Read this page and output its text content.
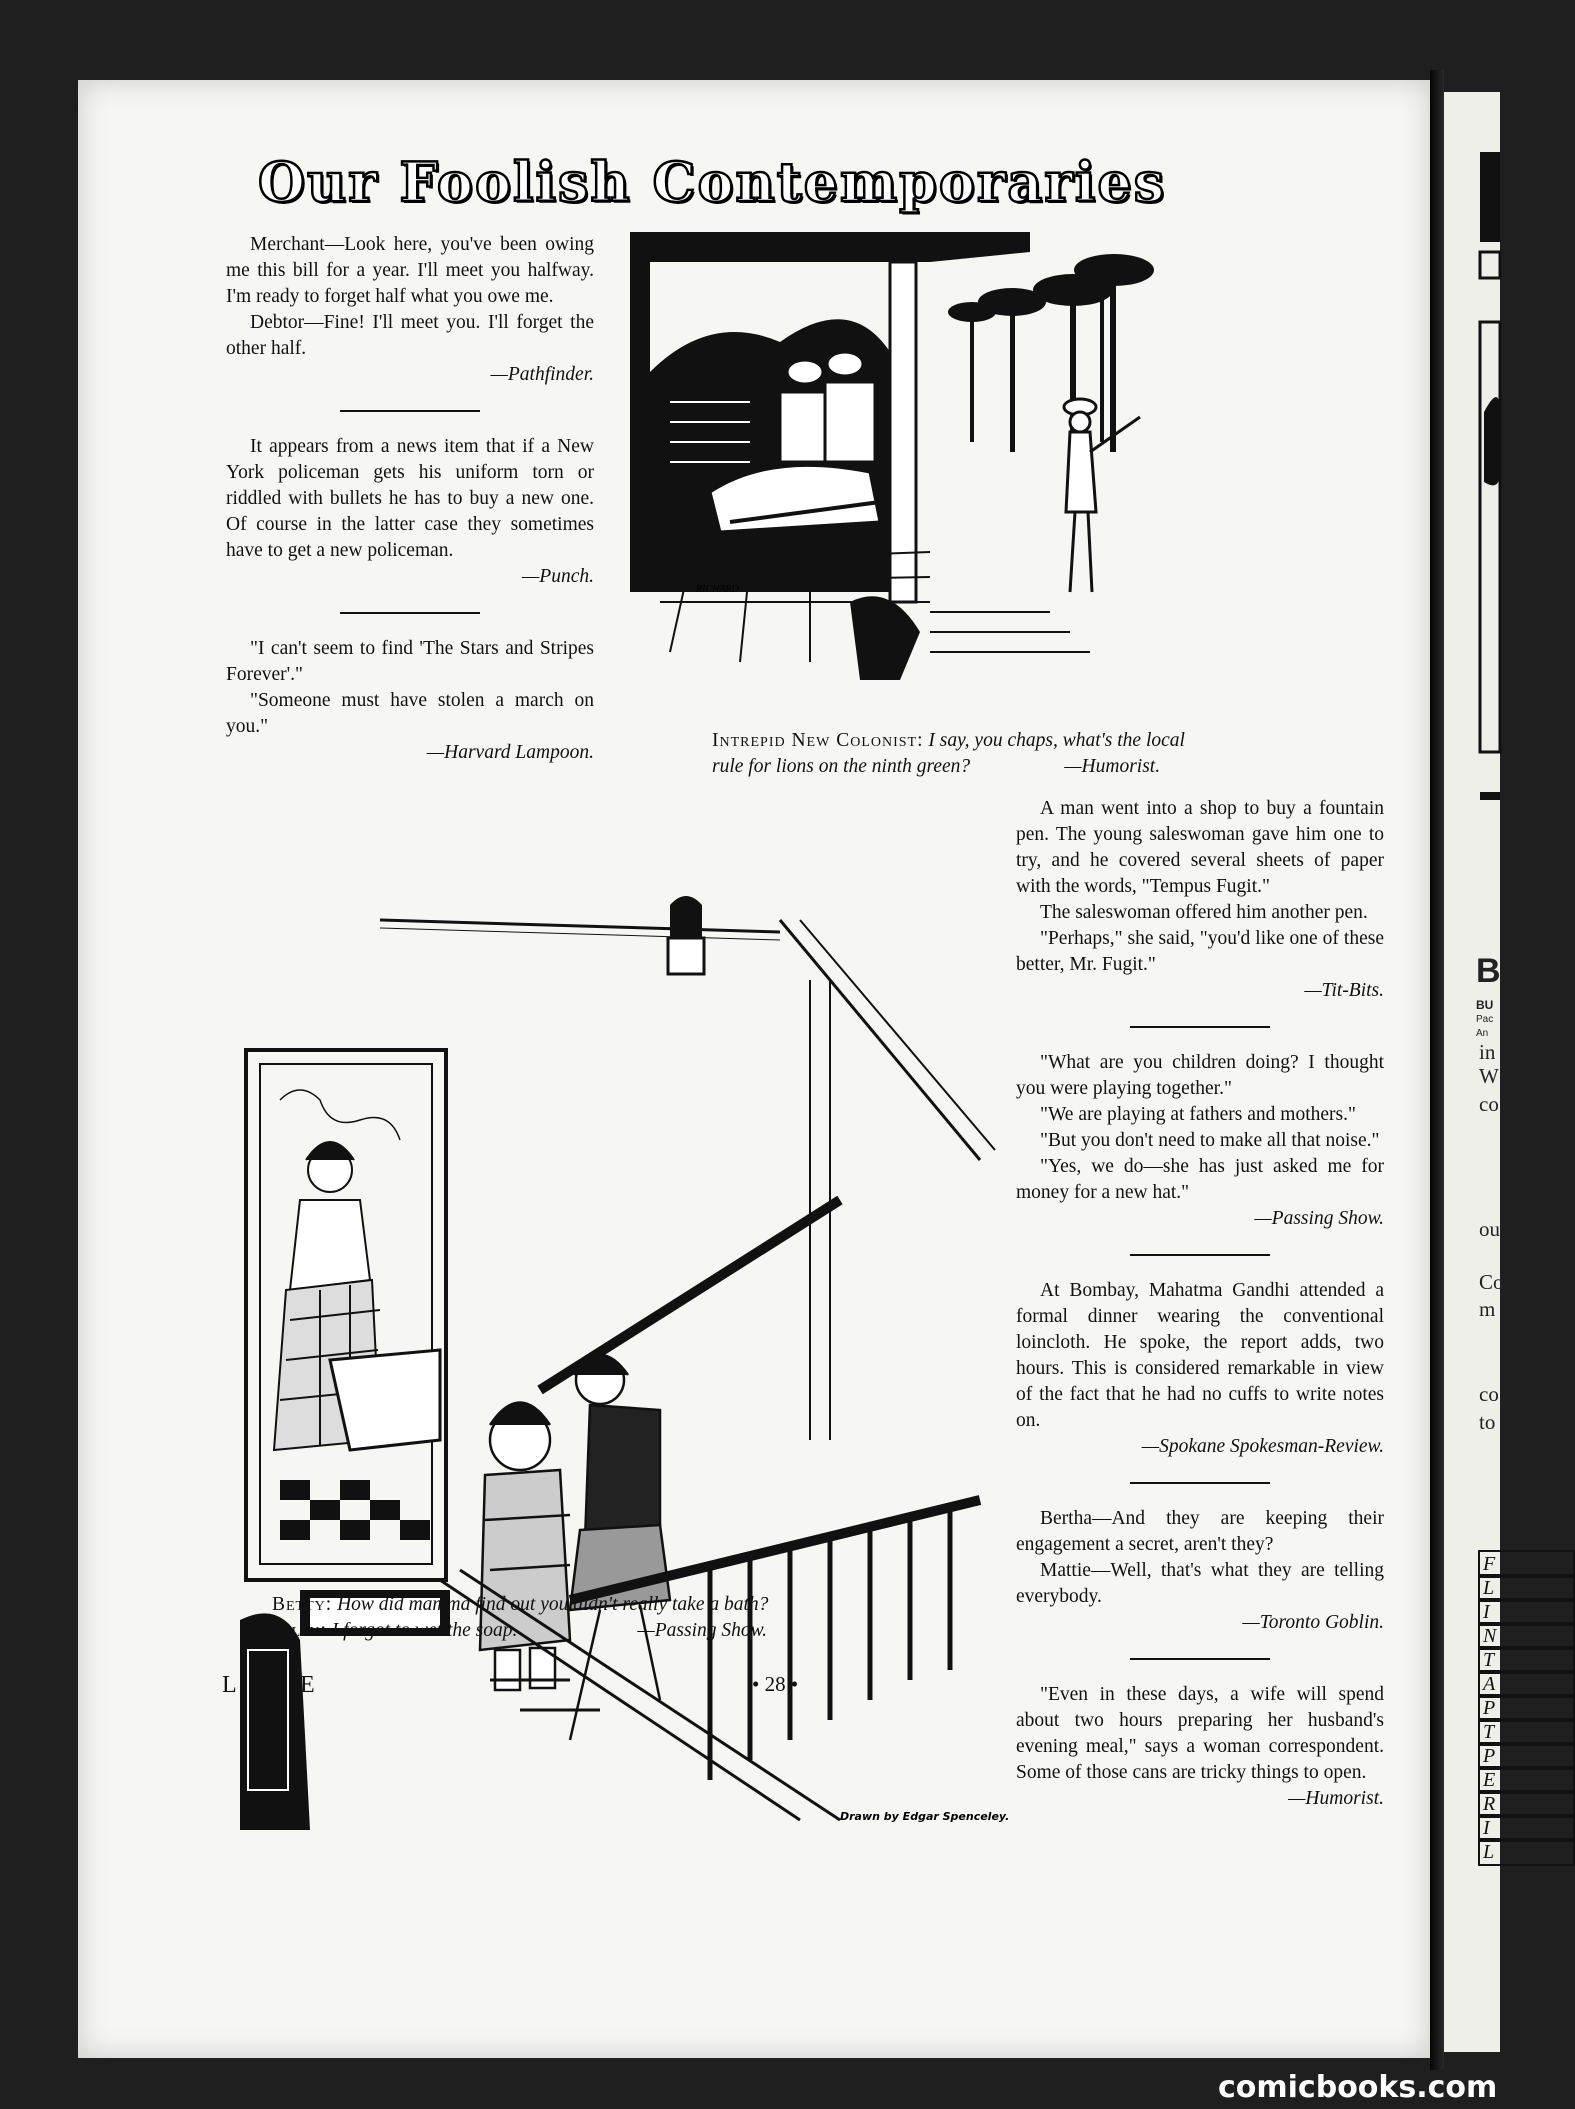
B
BU
Pac
An
in
W
co
ou
Co
m
co
to
F
L
I
N
T
A
P
T
P
E
R
I
L
Our Foolish Contemporaries

Merchant—Look here, you've been owing me this bill for a year. I'll meet you halfway. I'm ready to forget half what you owe me.

Debtor—Fine! I'll meet you. I'll forget the other half.

—Pathfinder.

It appears from a news item that if a New York policeman gets his uniform torn or riddled with bullets he has to buy a new one. Of course in the latter case they sometimes have to get a new policeman.

—Punch.

"I can't seem to find 'The Stars and Stripes Forever'."

"Someone must have stolen a march on you."

—Harvard Lampoon.

RICHARD
Intrepid New Colonist: I say, you chaps, what's the local
rule for lions on the ninth green?	—Humorist.

A man went into a shop to buy a fountain pen. The young saleswoman gave him one to try, and he covered several sheets of paper with the words, "Tempus Fugit."

The saleswoman offered him another pen.

"Perhaps," she said, "you'd like one of these better, Mr. Fugit."

—Tit-Bits.

"What are you children doing? I thought you were playing together."

"We are playing at fathers and mothers."

"But you don't need to make all that noise."

"Yes, we do—she has just asked me for money for a new hat."

—Passing Show.

At Bombay, Mahatma Gandhi attended a formal dinner wearing the conventional loincloth. He spoke, the report adds, two hours. This is considered remarkable in view of the fact that he had no cuffs to write notes on.

—Spokane Spokesman-Review.

Bertha—And they are keeping their engagement a secret, aren't they?

Mattie—Well, that's what they are telling everybody.

—Toronto Goblin.

"Even in these days, a wife will spend about two hours preparing her husband's evening meal," says a woman correspondent. Some of those cans are tricky things to open.

—Humorist.

Drawn by Edgar Spenceley.
Betty: How did mamma find out you didn't really take a bath?
Billy: I forgot to wet the soap.	—Passing Show.
LIFE	• 28 •
comicbooks.com
